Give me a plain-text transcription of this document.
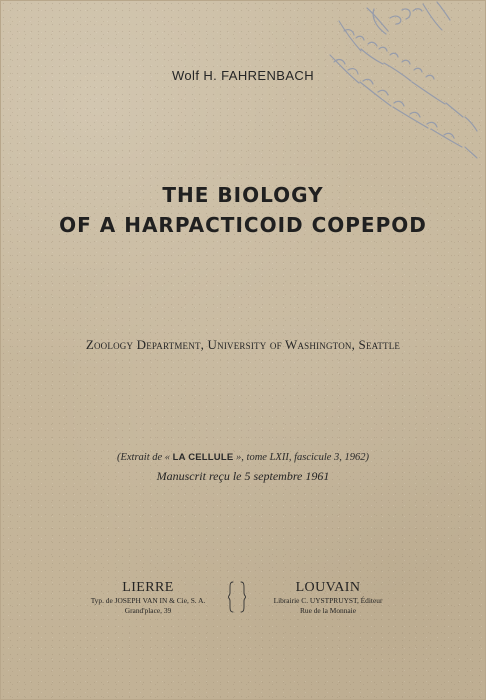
Wolf H. FAHRENBACH
THE BIOLOGY
OF A HARPACTICOID COPEPOD
Zoology Department, University of Washington, Seattle
(Extrait de « LA CELLULE », tome LXII, fascicule 3, 1962)
Manuscrit reçu le 5 septembre 1961
LIERRE
Typ. de JOSEPH VAN IN & Cie, S. A.
Grand'place, 39
LOUVAIN
Librairie C. UYSTPRUYST, Éditeur
Rue de la Monnaie
